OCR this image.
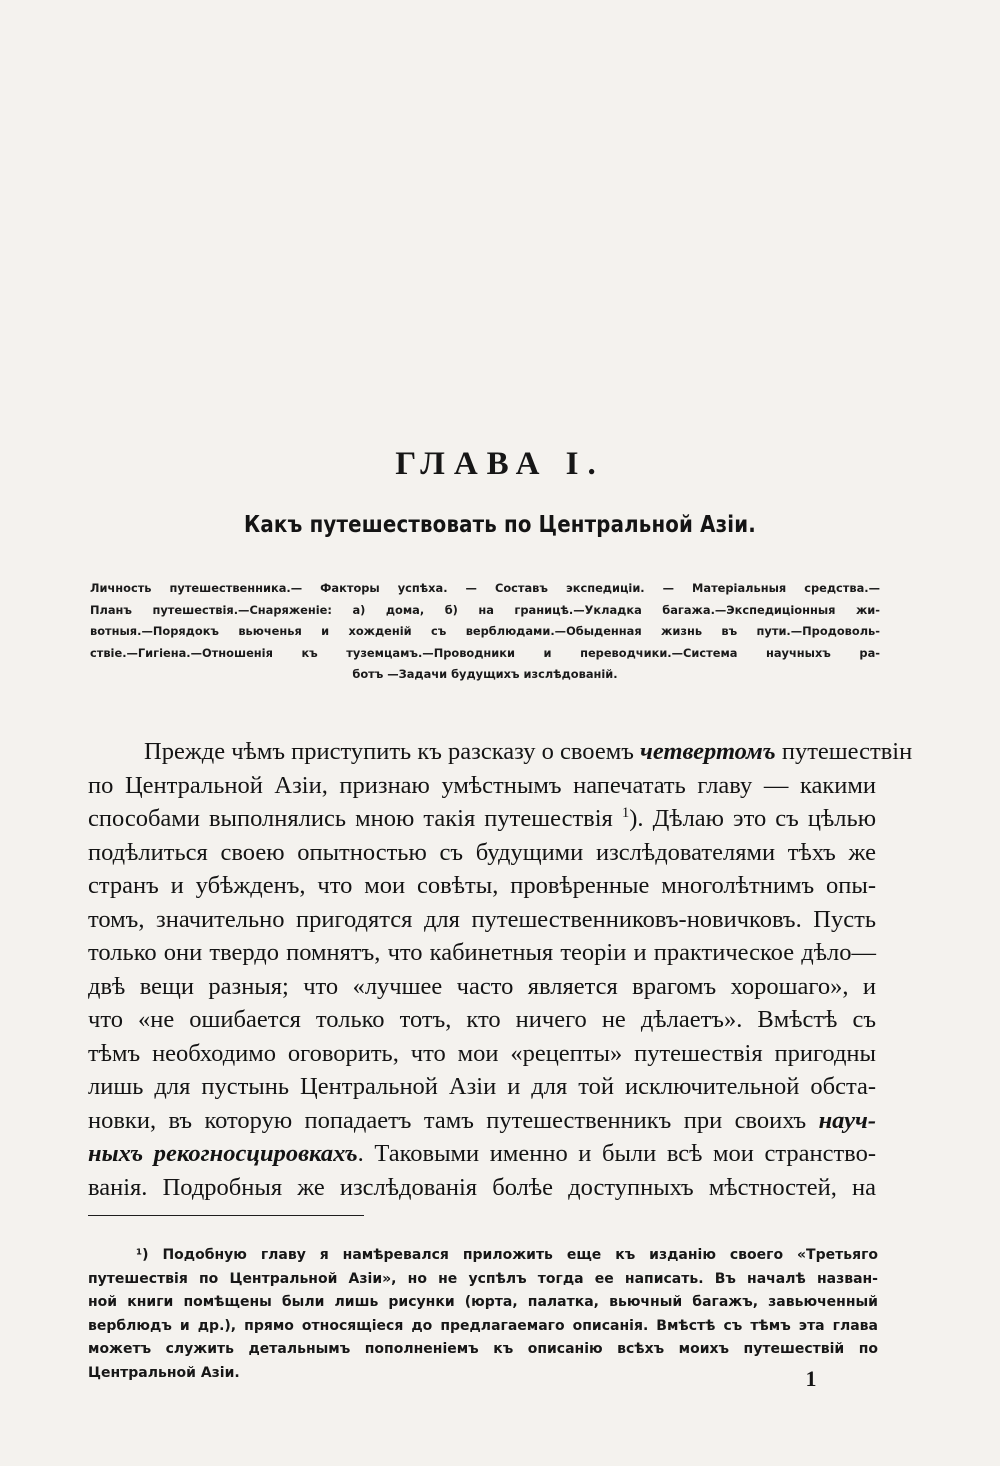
ГЛАВА I.
Какъ путешествовать по Центральной Азіи.
Личность путешественника.— Факторы успѣха. — Составъ экспедиціи. — Матеріальныя средства.—
Планъ путешествія.—Снаряженіе: а) дома, б) на границѣ.—Укладка багажа.—Экспедиціонныя жи-
вотныя.—Порядокъ вьюченья и хожденій съ верблюдами.—Обыденная жизнь въ пути.—Продоволь-
ствіе.—Гигіена.—Отношенія къ туземцамъ.—Проводники и переводчики.—Система научныхъ ра-
ботъ —Задачи будущихъ изслѣдованій.
Прежде чѣмъ приступить къ разсказу о своемъ четвертомъ путешествін
по Центральной Азіи, признаю умѣстнымъ напечатать главу — какими
способами выполнялись мною такія путешествія $^1$). Дѣлаю это съ цѣлью
подѣлиться своею опытностью съ будущими изслѣдователями тѣхъ же
странъ и убѣжденъ, что мои совѣты, провѣренные многолѣтнимъ опы-
томъ, значительно пригодятся для путешественниковъ-новичковъ. Пусть
только они твердо помнятъ, что кабинетныя теоріи и практическое дѣло—
двѣ вещи разныя; что «лучшее часто является врагомъ хорошаго», и
что «не ошибается только тотъ, кто ничего не дѣлаетъ». Вмѣстѣ съ
тѣмъ необходимо оговорить, что мои «рецепты» путешествія пригодны
лишь для пустынь Центральной Азіи и для той исключительной обста-
новки, въ которую попадаетъ тамъ путешественникъ при своихъ науч-
ныхъ рекогносцировкахъ. Таковыми именно и были всѣ мои странство-
ванія. Подробныя же изслѣдованія болѣе доступныхъ мѣстностей, на
¹) Подобную главу я намѣревался приложить еще къ изданію своего «Третьяго
путешествія по Центральной Азіи», но не успѣлъ тогда ее написать. Въ началѣ назван-
ной книги помѣщены были лишь рисунки (юрта, палатка, вьючный багажъ, завьюченный
верблюдъ и др.), прямо относящіеся до предлагаемаго описанія. Вмѣстѣ съ тѣмъ эта глава
можетъ служить детальнымъ пополненіемъ къ описанію всѣхъ моихъ путешествій по
Центральной Азіи.	1
